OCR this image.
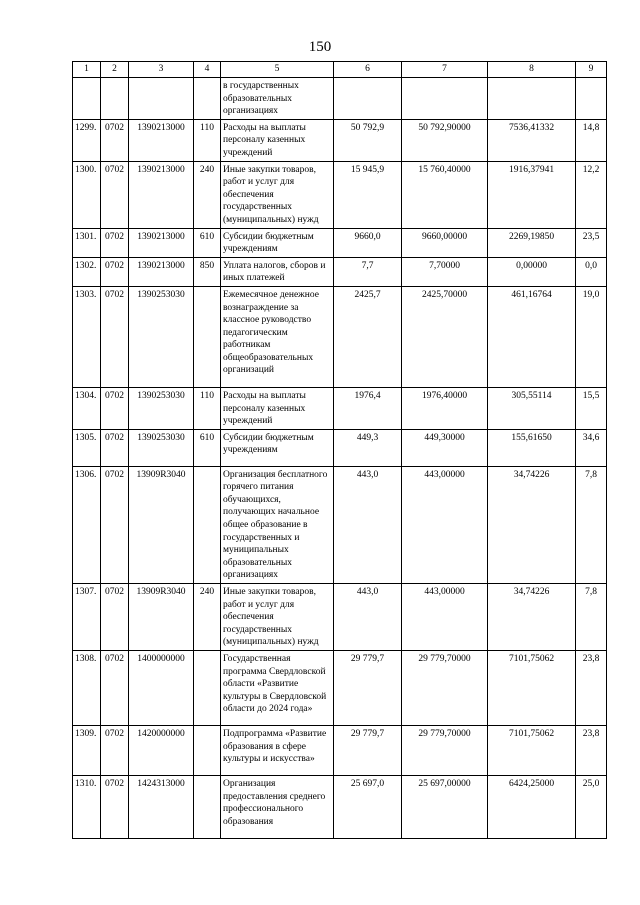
150
1	2	3	4	5	6	7	8	9
				в государственных образовательных организациях				
1299.	0702	1390213000	110	Расходы на выплаты персоналу казенных учреждений	50 792,9	50 792,90000	7536,41332	14,8
1300.	0702	1390213000	240	Иные закупки товаров, работ и услуг для обеспечения государственных (муниципальных) нужд	15 945,9	15 760,40000	1916,37941	12,2
1301.	0702	1390213000	610	Субсидии бюджетным учреждениям	9660,0	9660,00000	2269,19850	23,5
1302.	0702	1390213000	850	Уплата налогов, сборов и иных платежей	7,7	7,70000	0,00000	0,0
1303.	0702	1390253030		Ежемесячное денежное вознаграждение за классное руководство педагогическим работникам общеобразовательных организаций	2425,7	2425,70000	461,16764	19,0
1304.	0702	1390253030	110	Расходы на выплаты персоналу казенных учреждений	1976,4	1976,40000	305,55114	15,5
1305.	0702	1390253030	610	Субсидии бюджетным учреждениям	449,3	449,30000	155,61650	34,6
1306.	0702	13909R3040		Организация бесплатного горячего питания обучающихся, получающих начальное общее образование в государственных и муниципальных образовательных организациях	443,0	443,00000	34,74226	7,8
1307.	0702	13909R3040	240	Иные закупки товаров, работ и услуг для обеспечения государственных (муниципальных) нужд	443,0	443,00000	34,74226	7,8
1308.	0702	1400000000		Государственная программа Свердловской области «Развитие культуры в Свердловской области до 2024 года»	29 779,7	29 779,70000	7101,75062	23,8
1309.	0702	1420000000		Подпрограмма «Развитие образования в сфере культуры и искусства»	29 779,7	29 779,70000	7101,75062	23,8
1310.	0702	1424313000		Организация предоставления среднего профессионального образования	25 697,0	25 697,00000	6424,25000	25,0
